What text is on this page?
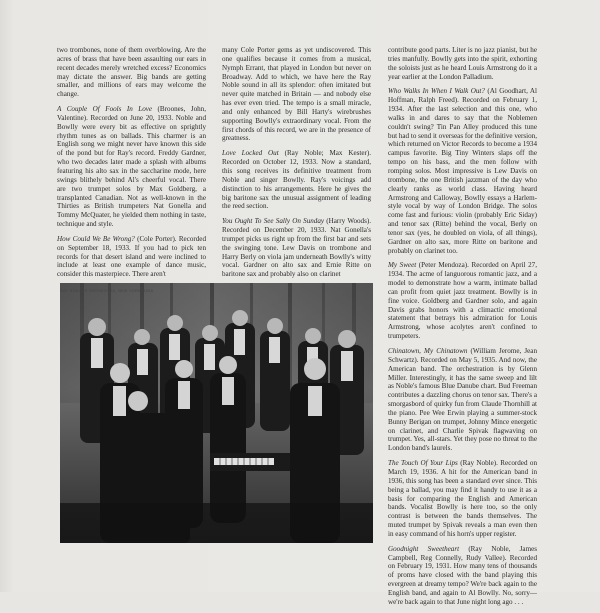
two trombones, none of them overblowing. Are the acres of brass that have been assaulting our ears in recent decades merely wretched excess? Economics may dictate the answer. Big bands are getting smaller, and millions of ears may welcome the change.

A Couple Of Fools In Love (Broones, John, Valentine). Recorded on June 20, 1933. Noble and Bowlly were every bit as effective on sprightly rhythm tunes as on ballads. This charmer is an English song we might never have known this side of the pond but for Ray's record. Freddy Gardner, who two decades later made a splash with albums featuring his alto sax in the saccharine mode, here swings blithely behind Al's cheerful vocal. There are two trumpet solos by Max Goldberg, a transplanted Canadian. Not as well-known in the Thirties as British trumpeters Nat Gonella and Tommy McQuater, he yielded them nothing in taste, technique and style.

How Could We Be Wrong? (Cole Porter). Recorded on September 18, 1933. If you had to pick ten records for that desert island and were inclined to include at least one example of dance music, consider this masterpiece. There aren't

many Cole Porter gems as yet undiscovered. This one qualifies because it comes from a musical, Nymph Errant, that played in London but never on Broadway. Add to which, we have here the Ray Noble sound in all its splendor: often imitated but never quite matched in Britain — and nobody else has ever even tried. The tempo is a small miracle, and only enhanced by Bill Harty's wirebrushes supporting Bowlly's extraordinary vocal. From the first chords of this record, we are in the presence of greatness.

Love Locked Out (Ray Noble; Max Kester). Recorded on October 12, 1933. Now a standard, this song receives its definitive treatment from Noble and singer Bowlly. Ray's voicings add distinction to his arrangements. Here he gives the big baritone sax the unusual assignment of leading the reed section.

You Ought To See Sally On Sunday (Harry Woods). Recorded on December 20, 1933. Nat Gonella's trumpet picks us right up from the first bar and sets the swinging tone. Lew Davis on trombone and Harry Berly on viola jam underneath Bowlly's witty vocal. Gardner on alto sax and Ernie Ritte on baritone sax and probably also on clarinet

contribute good parts. Liter is no jazz pianist, but he tries manfully. Bowlly gets into the spirit, exhorting the soloists just as he heard Louis Armstrong do it a year earlier at the London Palladium.

Who Walks In When I Walk Out? (Al Goodhart, Al Hoffman, Ralph Freed). Recorded on February 1, 1934. After the last selection and this one, who walks in and dares to say that the Noblemen couldn't swing? Tin Pan Alley produced this tune but had to send it overseas for the definitive version, which returned on Victor Records to become a 1934 campus favorite. Big Tiny Winters slaps off the tempo on his bass, and the men follow with romping solos. Most impressive is Lew Davis on trombone, the one British jazzman of the day who clearly ranks as world class. Having heard Armstrong and Calloway, Bowlly essays a Harlem-style vocal by way of London Bridge. The solos come fast and furious: violin (probably Eric Siday) and tenor sax (Ritte) behind the vocal, Berly on tenor sax (yes, he doubled on viola, of all things), Gardner on alto sax, more Ritte on baritone and probably on clarinet too.

My Sweet (Peter Mendoza). Recorded on April 27, 1934. The acme of languorous romantic jazz, and a model to demonstrate how a warm, intimate ballad can profit from quiet jazz treatment. Bowlly is in fine voice. Goldberg and Gardner solo, and again Davis grabs honors with a climactic emotional statement that betrays his admiration for Louis Armstrong, whose acolytes aren't confined to trumpeters.

Chinatown, My Chinatown (William Jerome, Jean Schwartz). Recorded on May 5, 1935. And now, the American band. The orchestration is by Glenn Miller. Interestingly, it has the same sweep and lilt as Noble's famous Blue Danube chart. Bud Freeman contributes a dazzling chorus on tenor sax. There's a smorgasbord of quirky fun from Claude Thornhill at the piano. Pee Wee Erwin playing a summer-stock Bunny Berigan on trumpet, Johnny Mince energetic on clarinet, and Charlie Spivak flagwaving on trumpet. Yes, all-stars. Yet they pose no threat to the London band's laurels.

The Touch Of Your Lips (Ray Noble). Recorded on March 19, 1936. A hit for the American band in 1936, this song has been a standard ever since. This being a ballad, you may find it handy to use it as a basis for comparing the English and American bands. Vocalist Bowlly is here too, so the only contrast is between the bands themselves. The muted trumpet by Spivak reveals a man even then in easy command of his horn's upper register.

Goodnight Sweetheart (Ray Noble, James Campbell, Reg Connelly, Rudy Vallee). Recorded on February 19, 1931. How many tens of thousands of proms have closed with the band playing this evergreen at dreamy tempo? We're back again to the English band, and again to Al Bowlly. No, sorry— we're back again to that June night long ago . . .

RAY NOBLE'S ORCHESTRA, NEW YORK, 1935
